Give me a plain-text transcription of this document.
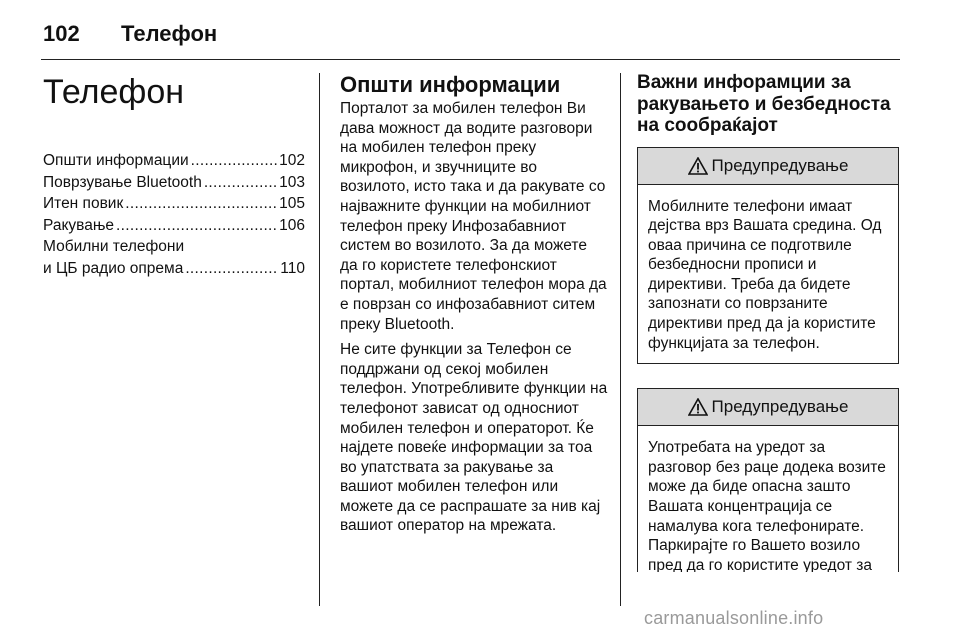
102	Телефон
Телефон
Општи информации .....	102
Поврзување Bluetooth .....	103
Итен повик .....	105
Ракување .....	106
Мобилни телефони
и ЦБ радио опрема .....	110
Општи информации

Порталот за мобилен телефон Ви дава можност да водите разговори на мобилен телефон преку микрофон, и звучниците во возилото, исто така и да ракувате со најважните функции на мобилниот телефон преку Инфозабавниот систем во возилото. За да можете да го користете телефонскиот портал, мобилниот телефон мора да е поврзан со инфозабавниот ситем преку Bluetooth.

Не сите функции за Телефон се поддржани од секој мобилен телефон. Употребливите функции на телефонот зависат од односниот мобилен телефон и операторот. Ќе најдете повеќе информации за тоа во упатствата за ракување за вашиот мобилен телефон или можете да се распрашате за нив кај вашиот оператор на мрежата.

Важни инфорамции за ракувањето и безбедноста на сообраќајот
Предупредување
Мобилните телефони имаат дејства врз Вашата средина. Од оваа причина се подготвиле безбедносни прописи и директиви. Треба да бидете запознати со поврзаните директиви пред да ја користите функцијата за телефон.
Предупредување
Употребата на уредот за разговор без раце додека возите може да биде опасна зашто Вашата концентрација се намалува кога телефонирате. Паркирајте го Вашето возило пред да го користите уредот за
carmanualsonline.info
